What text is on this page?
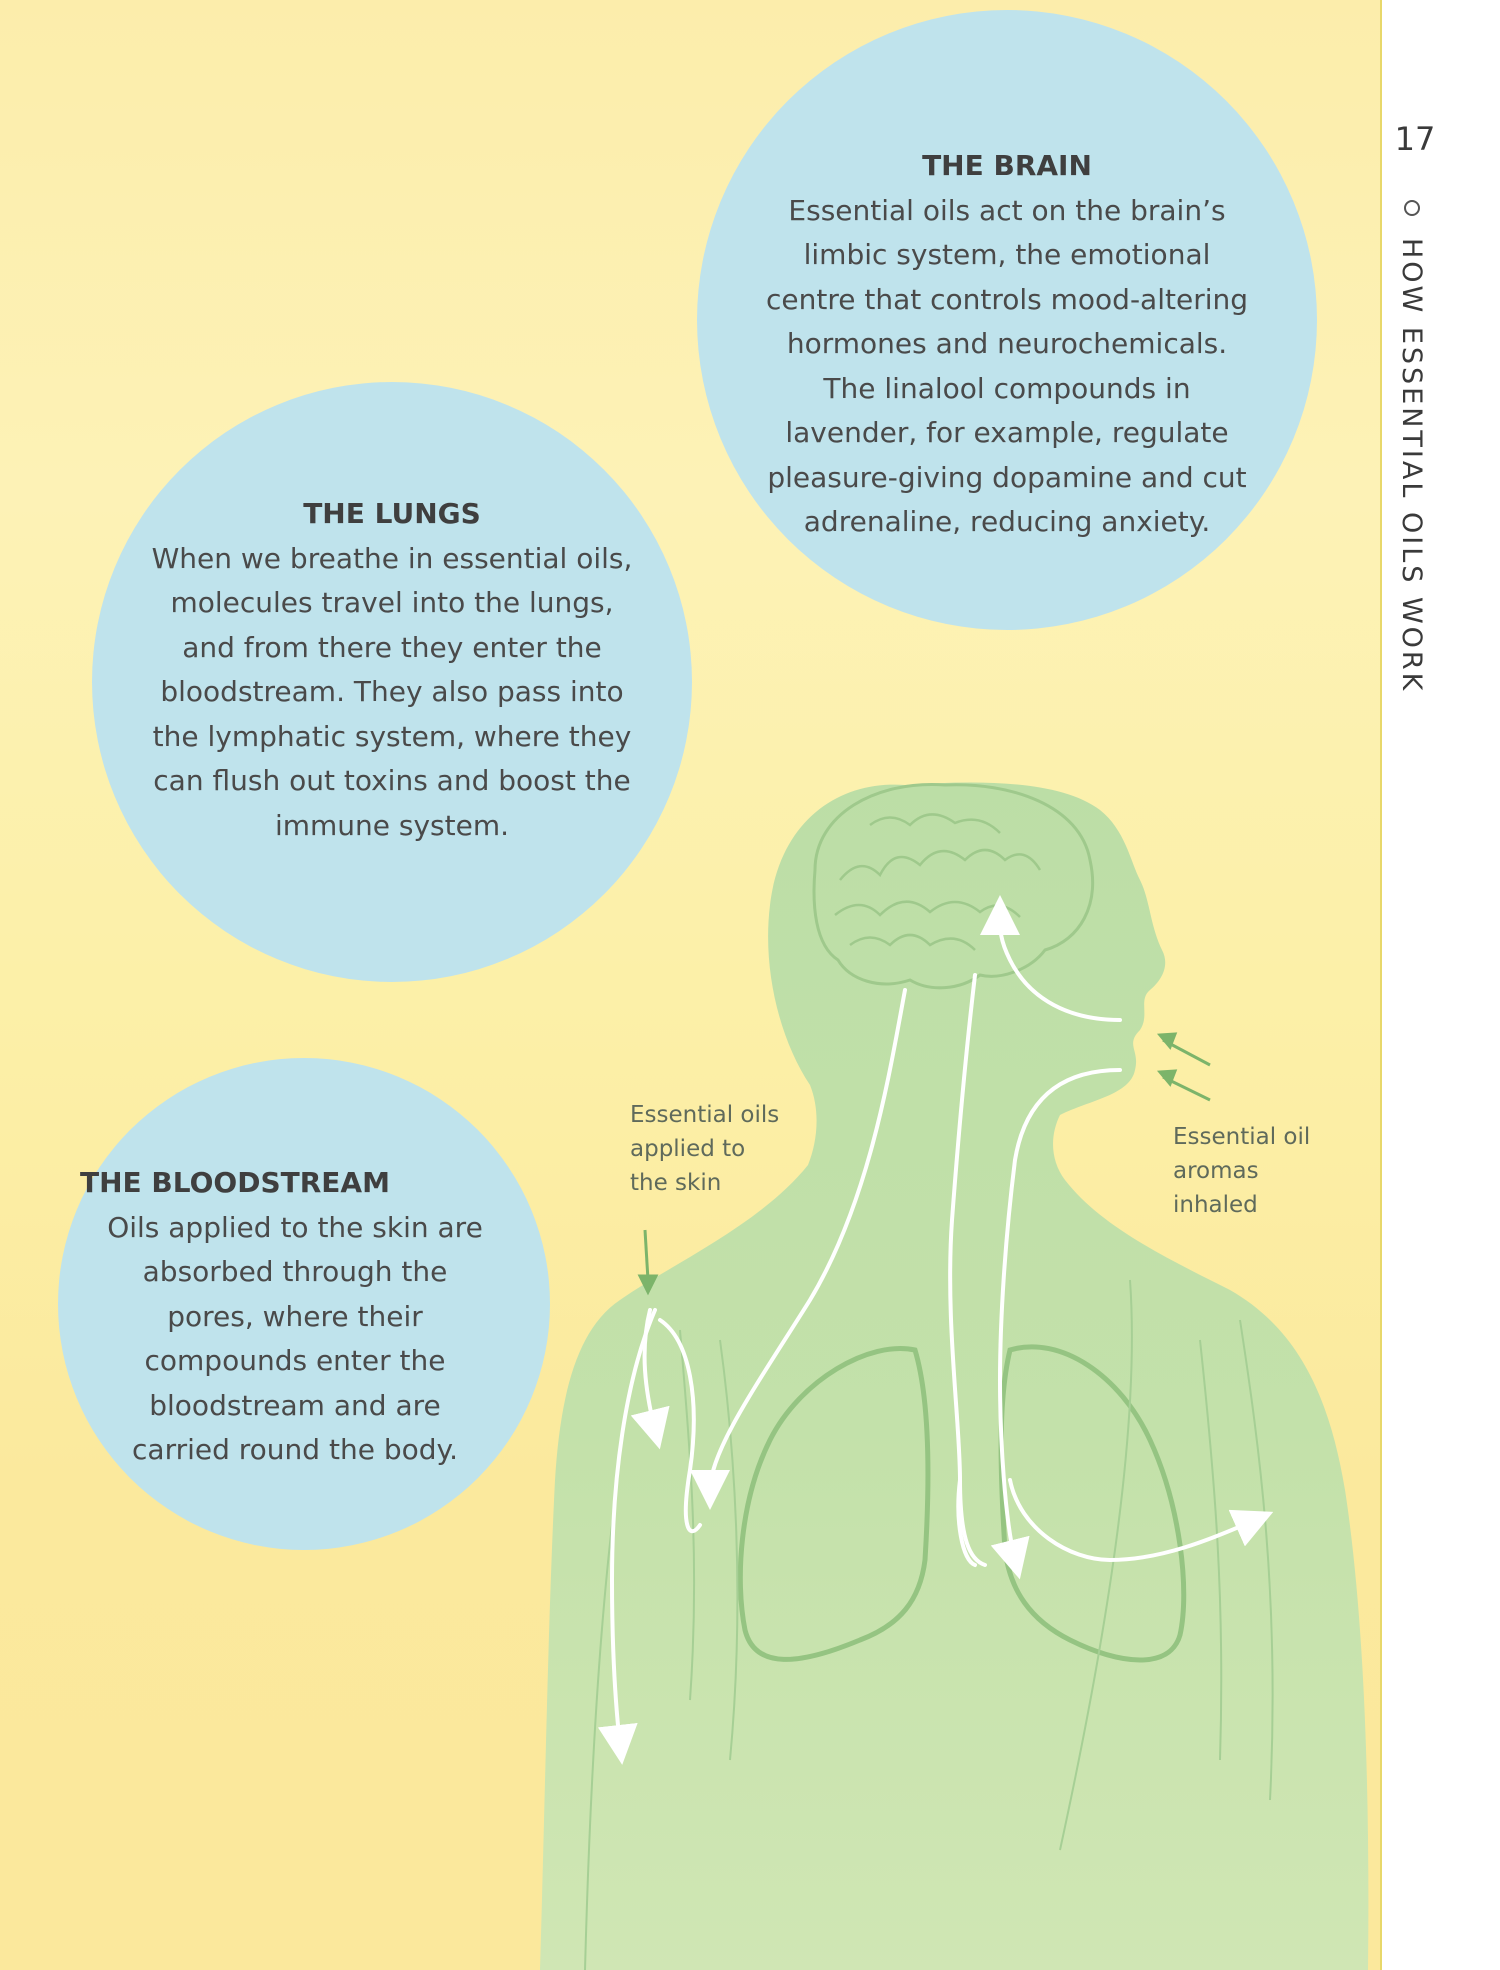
THE BRAIN
Essential oils act on the brain’s limbic system, the emotional centre that controls mood-altering hormones and neurochemicals. The linalool compounds in lavender, for example, regulate pleasure-giving dopamine and cut adrenaline, reducing anxiety.
THE LUNGS
When we breathe in essential oils, molecules travel into the lungs, and from there they enter the bloodstream. They also pass into the lymphatic system, where they can flush out toxins and boost the immune system.
THE BLOODSTREAM
Oils applied to the skin are absorbed through the pores, where their compounds enter the bloodstream and are carried round the body.
Essential oils
applied to
the skin
Essential oil
aromas
inhaled
17
HOW ESSENTIAL OILS WORK
